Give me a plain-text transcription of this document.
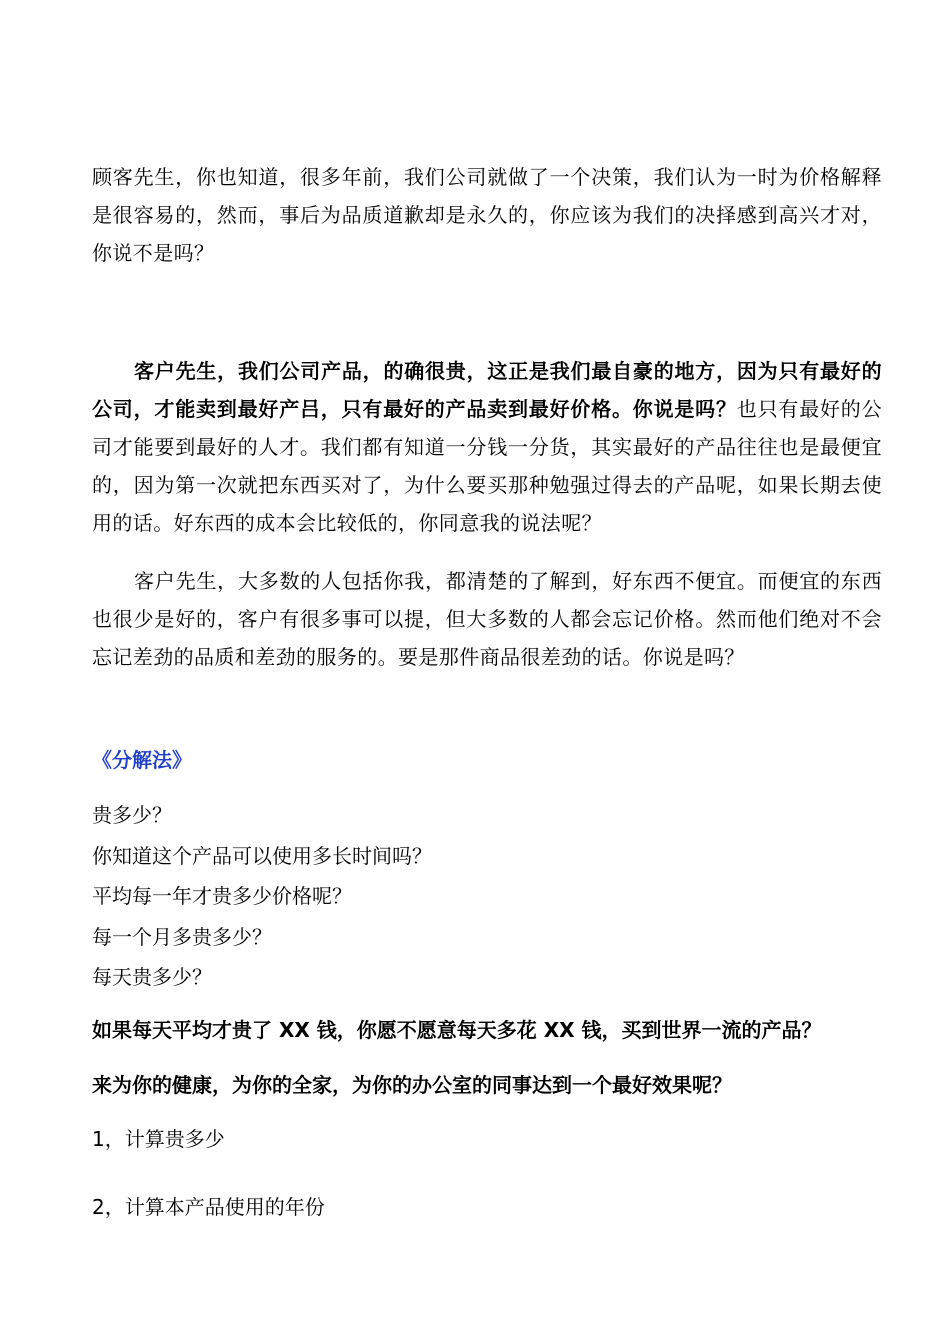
顾客先生，你也知道，很多年前，我们公司就做了一个决策，我们认为一时为价格解释是很容易的，然而，事后为品质道歉却是永久的，你应该为我们的决择感到高兴才对，你说不是吗？

客户先生，我们公司产品，的确很贵，这正是我们最自豪的地方，因为只有最好的公司，才能卖到最好产吕，只有最好的产品卖到最好价格。你说是吗？也只有最好的公司才能要到最好的人才。我们都有知道一分钱一分货，其实最好的产品往往也是最便宜的，因为第一次就把东西买对了，为什么要买那种勉强过得去的产品呢，如果长期去使用的话。好东西的成本会比较低的，你同意我的说法呢？

客户先生，大多数的人包括你我，都清楚的了解到，好东西不便宜。而便宜的东西也很少是好的，客户有很多事可以提，但大多数的人都会忘记价格。然而他们绝对不会忘记差劲的品质和差劲的服务的。要是那件商品很差劲的话。你说是吗？

《分解法》

贵多少？

你知道这个产品可以使用多长时间吗？

平均每一年才贵多少价格呢？

每一个月多贵多少？

每天贵多少？

如果每天平均才贵了 XX 钱，你愿不愿意每天多花 XX 钱，买到世界一流的产品？

来为你的健康，为你的全家，为你的办公室的同事达到一个最好效果呢？

1，计算贵多少

2，计算本产品使用的年份
